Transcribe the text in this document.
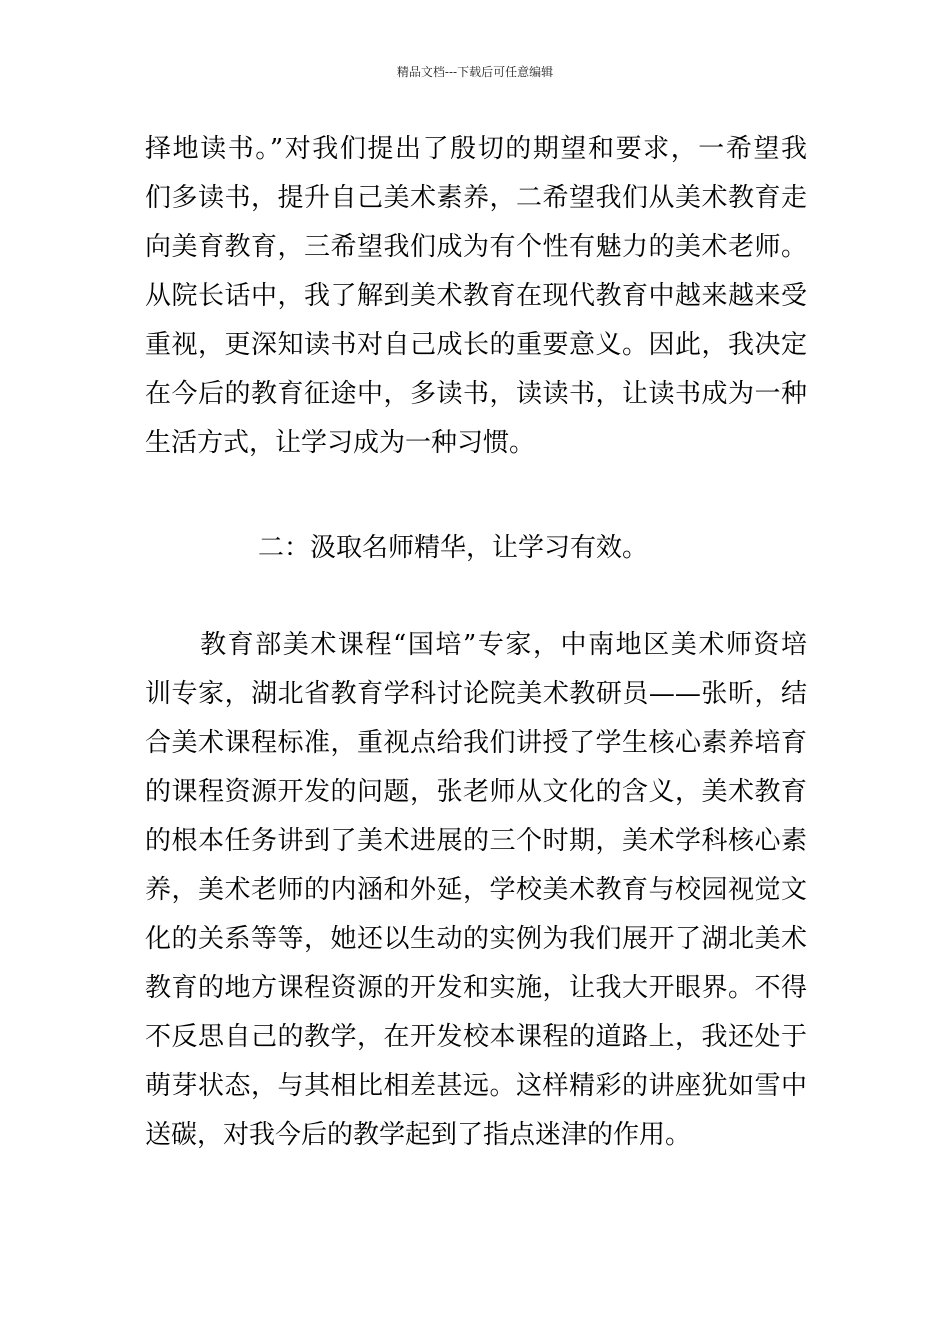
精品文档---下载后可任意编辑
择地读书。”对我们提出了殷切的期望和要求，一希望我
们多读书，提升自己美术素养，二希望我们从美术教育走
向美育教育，三希望我们成为有个性有魅力的美术老师。
从院长话中，我了解到美术教育在现代教育中越来越来受
重视，更深知读书对自己成长的重要意义。因此，我决定
在今后的教育征途中，多读书，读读书，让读书成为一种
生活方式，让学习成为一种习惯。
二：汲取名师精华，让学习有效。
　　教育部美术课程“国培”专家，中南地区美术师资培
训专家，湖北省教育学科讨论院美术教研员——张昕，结
合美术课程标准，重视点给我们讲授了学生核心素养培育
的课程资源开发的问题，张老师从文化的含义，美术教育
的根本任务讲到了美术进展的三个时期，美术学科核心素
养，美术老师的内涵和外延，学校美术教育与校园视觉文
化的关系等等，她还以生动的实例为我们展开了湖北美术
教育的地方课程资源的开发和实施，让我大开眼界。不得
不反思自己的教学，在开发校本课程的道路上，我还处于
萌芽状态，与其相比相差甚远。这样精彩的讲座犹如雪中
送碳，对我今后的教学起到了指点迷津的作用。
